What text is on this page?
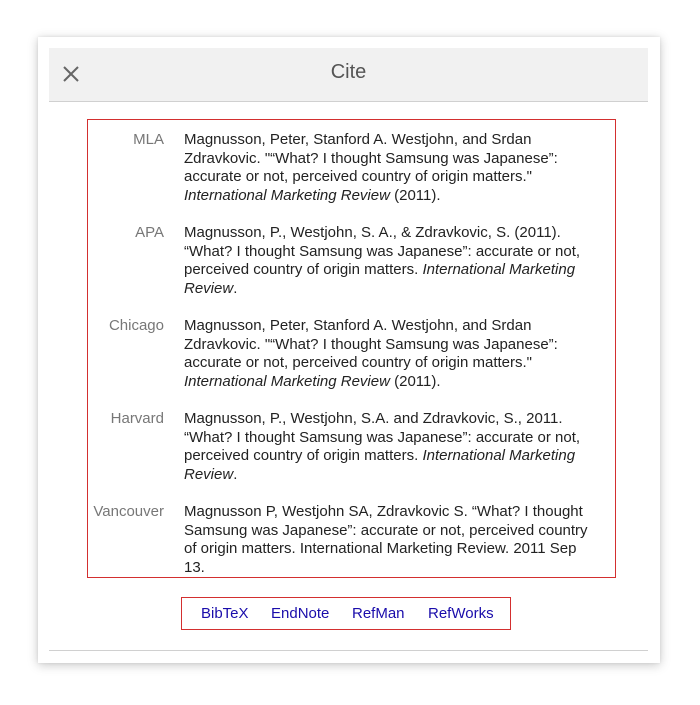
Cite
MLA Magnusson, Peter, Stanford A. Westjohn, and Srdan
Zdravkovic. "“What? I thought Samsung was Japanese”:
accurate or not, perceived country of origin matters."
International Marketing Review (2011).
APA Magnusson, P., Westjohn, S. A., & Zdravkovic, S. (2011).
“What? I thought Samsung was Japanese”: accurate or not,
perceived country of origin matters. International Marketing
Review.
Chicago Magnusson, Peter, Stanford A. Westjohn, and Srdan
Zdravkovic. "“What? I thought Samsung was Japanese”:
accurate or not, perceived country of origin matters."
International Marketing Review (2011).
Harvard Magnusson, P., Westjohn, S.A. and Zdravkovic, S., 2011.
“What? I thought Samsung was Japanese”: accurate or not,
perceived country of origin matters. International Marketing
Review.
Vancouver Magnusson P, Westjohn SA, Zdravkovic S. “What? I thought
Samsung was Japanese”: accurate or not, perceived country
of origin matters. International Marketing Review. 2011 Sep
13.
BibTeX EndNote RefMan RefWorks
